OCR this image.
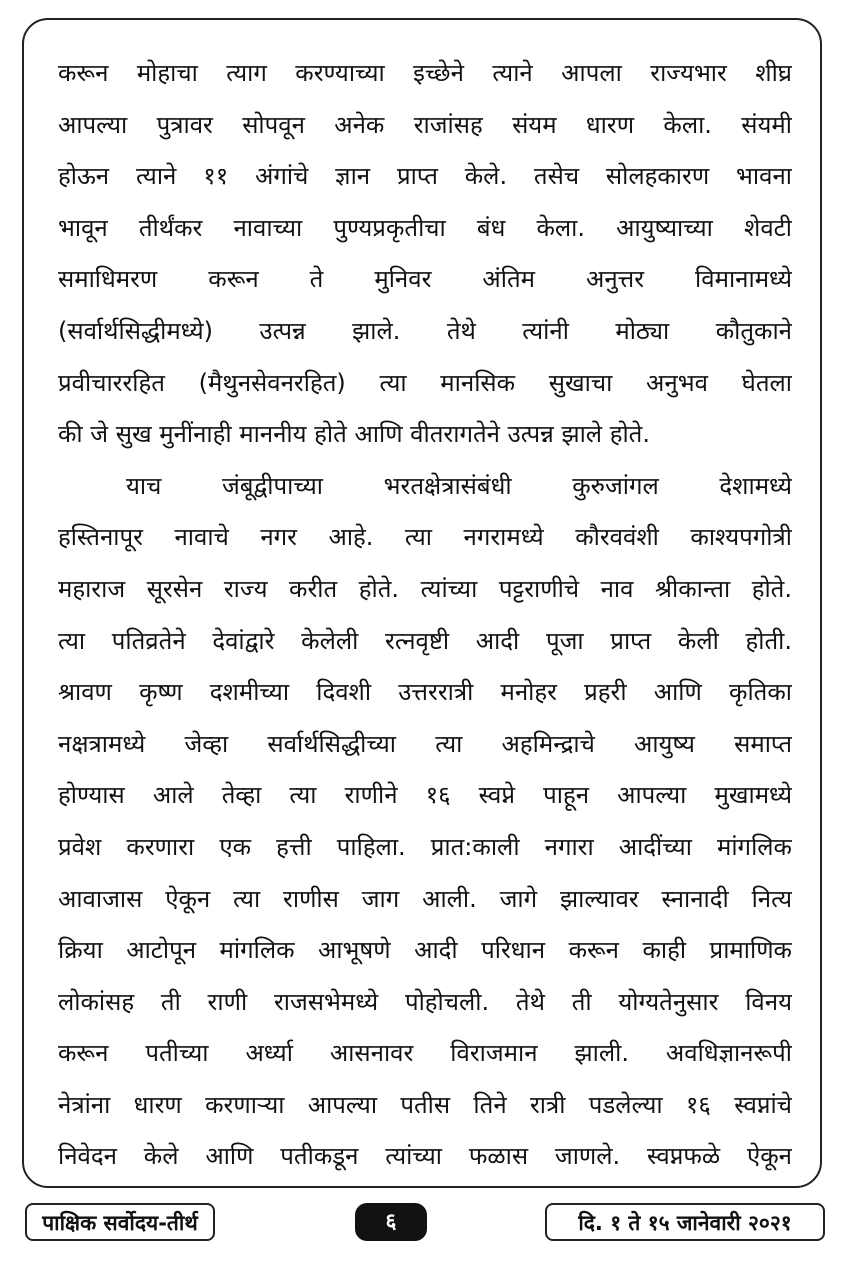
करून मोहाचा त्याग करण्याच्या इच्छेने त्याने आपला राज्यभार शीघ्र
आपल्या पुत्रावर सोपवून अनेक राजांसह संयम धारण केला. संयमी
होऊन त्याने ११ अंगांचे ज्ञान प्राप्त केले. तसेच सोलहकारण भावना
भावून तीर्थंकर नावाच्या पुण्यप्रकृतीचा बंध केला. आयुष्याच्या शेवटी
समाधिमरण करून ते मुनिवर अंतिम अनुत्तर विमानामध्ये
(सर्वार्थसिद्धीमध्ये) उत्पन्न झाले. तेथे त्यांनी मोठ्या कौतुकाने
प्रवीचाररहित (मैथुनसेवनरहित) त्या मानसिक सुखाचा अनुभव घेतला
की जे सुख मुनींनाही माननीय होते आणि वीतरागतेने उत्पन्न झाले होते.
याच जंबूद्वीपाच्या भरतक्षेत्रासंबंधी कुरुजांगल देशामध्ये
हस्तिनापूर नावाचे नगर आहे. त्या नगरामध्ये कौरववंशी काश्यपगोत्री
महाराज सूरसेन राज्य करीत होते. त्यांच्या पट्टराणीचे नाव श्रीकान्ता होते.
त्या पतिव्रतेने देवांद्वारे केलेली रत्नवृष्टी आदी पूजा प्राप्त केली होती.
श्रावण कृष्ण दशमीच्या दिवशी उत्तररात्री मनोहर प्रहरी आणि कृतिका
नक्षत्रामध्ये जेव्हा सर्वार्थसिद्धीच्या त्या अहमिन्द्राचे आयुष्य समाप्त
होण्यास आले तेव्हा त्या राणीने १६ स्वप्ने पाहून आपल्या मुखामध्ये
प्रवेश करणारा एक हत्ती पाहिला. प्रात:काली नगारा आदींच्या मांगलिक
आवाजास ऐकून त्या राणीस जाग आली. जागे झाल्यावर स्नानादी नित्य
क्रिया आटोपून मांगलिक आभूषणे आदी परिधान करून काही प्रामाणिक
लोकांसह ती राणी राजसभेमध्ये पोहोचली. तेथे ती योग्यतेनुसार विनय
करून पतीच्या अर्ध्या आसनावर विराजमान झाली. अवधिज्ञानरूपी
नेत्रांना धारण करणाऱ्या आपल्या पतीस तिने रात्री पडलेल्या १६ स्वप्नांचे
निवेदन केले आणि पतीकडून त्यांच्या फळास जाणले. स्वप्नफळे ऐकून
पाक्षिक सर्वोदय-तीर्थ	६	दि. १ ते १५ जानेवारी २०२१
